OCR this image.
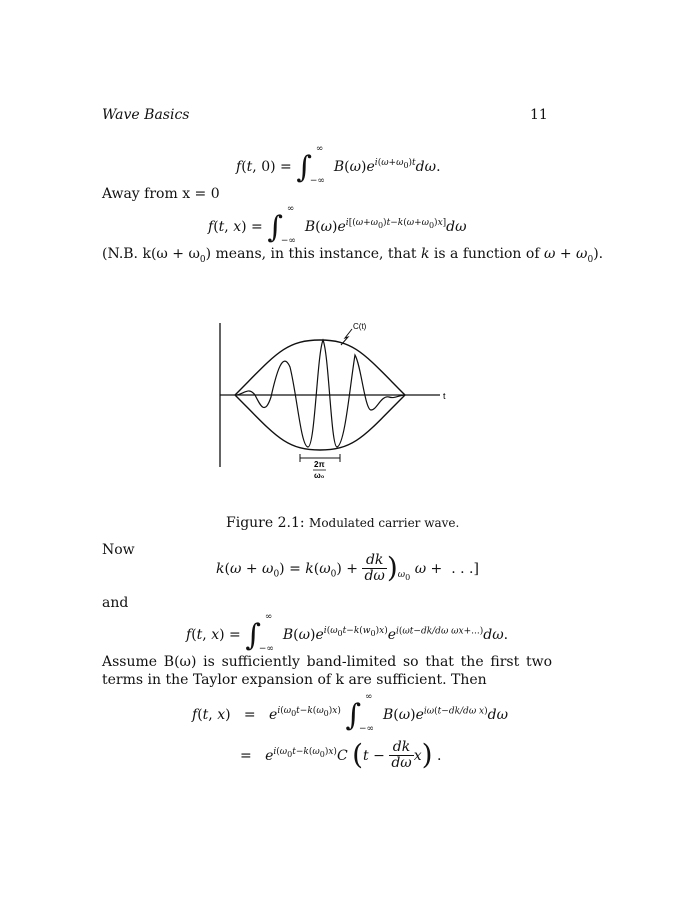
Wave Basics	11
f(t, 0) = ∫
∞
−∞
$B(\omega)e^{i(\omega+\omega_0)t}d\omega$.
Away from x = 0
f(t, x) = ∫
∞
−∞
$B(\omega)e^{i[(\omega+\omega_0)t-k(\omega+\omega_0)x]}d\omega$
(N.B. $k(\omega + \omega_0)$ means, in this instance, that k is a function of $\omega + \omega_0$).
t
C(t)
2π
ω₀
Figure 2.1: Modulated carrier wave.
Now
$k(\omega + \omega_0) = k(\omega_0) + \frac{dk}{d\omega} )_{\omega_0}$ ω +  . . .]
and
f(t, x) = ∫
∞
−∞
$B(\omega)e^{i(\omega_0t-k(w_0)x)}e^{i(\omega t-dk/d\omega \omega x+...)}d\omega$.
Assume B(ω) is sufficiently band-limited so that the first two terms in the Taylor expansion of k are sufficient. Then
f(t, $x) = e^{i(\omega_0t-k(\omega_0)x)}$ ∫
∞
−∞
$B(\omega)e^{i\omega(t-dk/d\omega x)}d\omega$
=   $e^{i(\omega_0t-k(\omega_0)x)}C$ $(t - \frac{dk}{d\omega} x)$ .
